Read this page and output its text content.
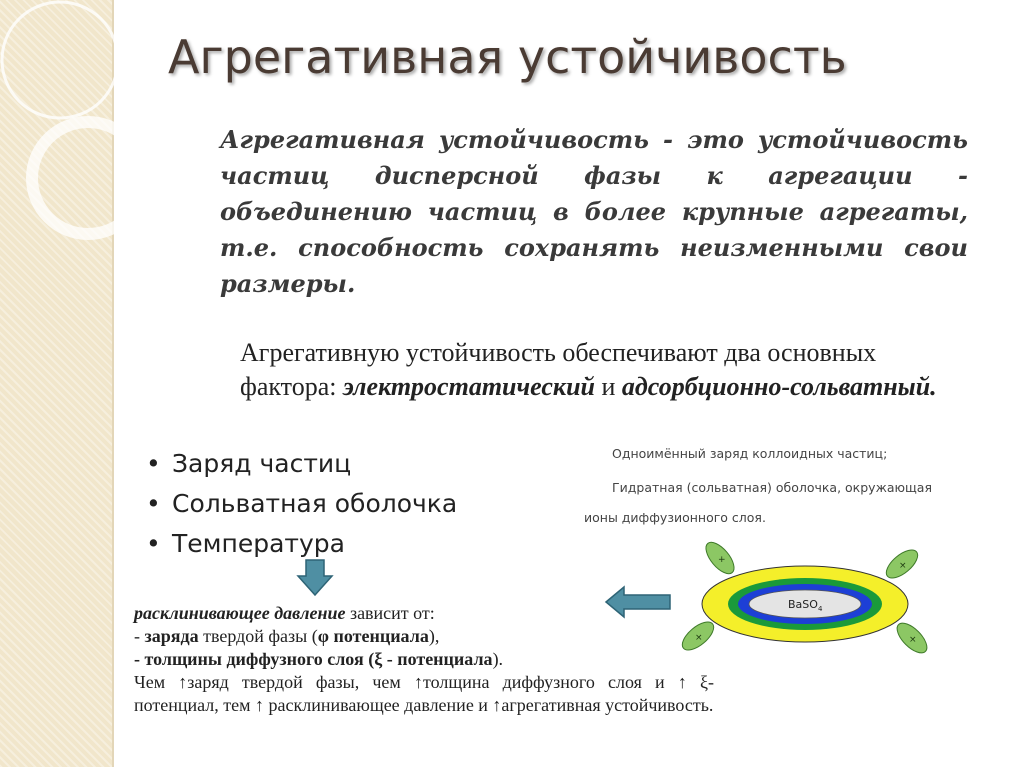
Агрегативная устойчивость
Агрегативная устойчивость - это устойчивость частиц дисперсной фазы к агрегации - объединению частиц в более крупные агрегаты, т.е. способность сохранять неизменными свои размеры.
Агрегативную устойчивость обеспечивают два основных фактора: электростатический и адсорбционно-сольватный.
• Заряд частиц
• Сольватная оболочка
• Температура
Одноимённый заряд коллоидных частиц;
Гидратная (сольватная) оболочка, окружающая
ионы диффузионного слоя.
+
×
×	×
BaSO$_4$
расклинивающее давление зависит от:
- заряда твердой фазы (φ потенциала),
- толщины диффузного слоя (ξ - потенциала).
Чем ↑заряд твердой фазы, чем ↑толщина диффузного слоя и ↑ ξ- потенциал, тем ↑ расклинивающее давление и ↑агрегативная устойчивость.
